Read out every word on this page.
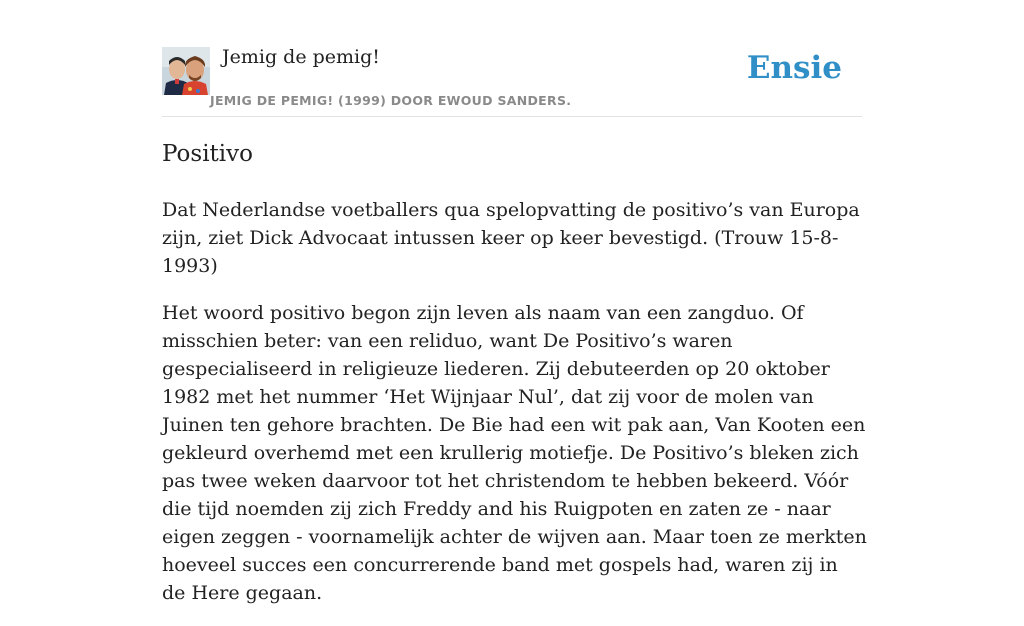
Jemig de pemig!
JEMIG DE PEMIG! (1999) DOOR EWOUD SANDERS.
Ensie
Positivo

Dat Nederlandse voetballers qua spelopvatting de positivo’s van Europa zijn, ziet Dick Advocaat intussen keer op keer bevestigd. (Trouw 15-8-1993)

Het woord positivo begon zijn leven als naam van een zangduo. Of misschien beter: van een reliduo, want De Positivo’s waren gespecialiseerd in religieuze liederen. Zij debuteerden op 20 oktober 1982 met het nummer ‘Het Wijnjaar Nul’, dat zij voor de molen van Juinen ten gehore brachten. De Bie had een wit pak aan, Van Kooten een gekleurd overhemd met een krullerig motiefje. De Positivo’s bleken zich pas twee weken daarvoor tot het christendom te hebben bekeerd. Vóór die tijd noemden zij zich Freddy and his Ruigpoten en zaten ze - naar eigen zeggen - voornamelijk achter de wijven aan. Maar toen ze merkten hoeveel succes een concurrerende band met gospels had, waren zij in de Here gegaan.
